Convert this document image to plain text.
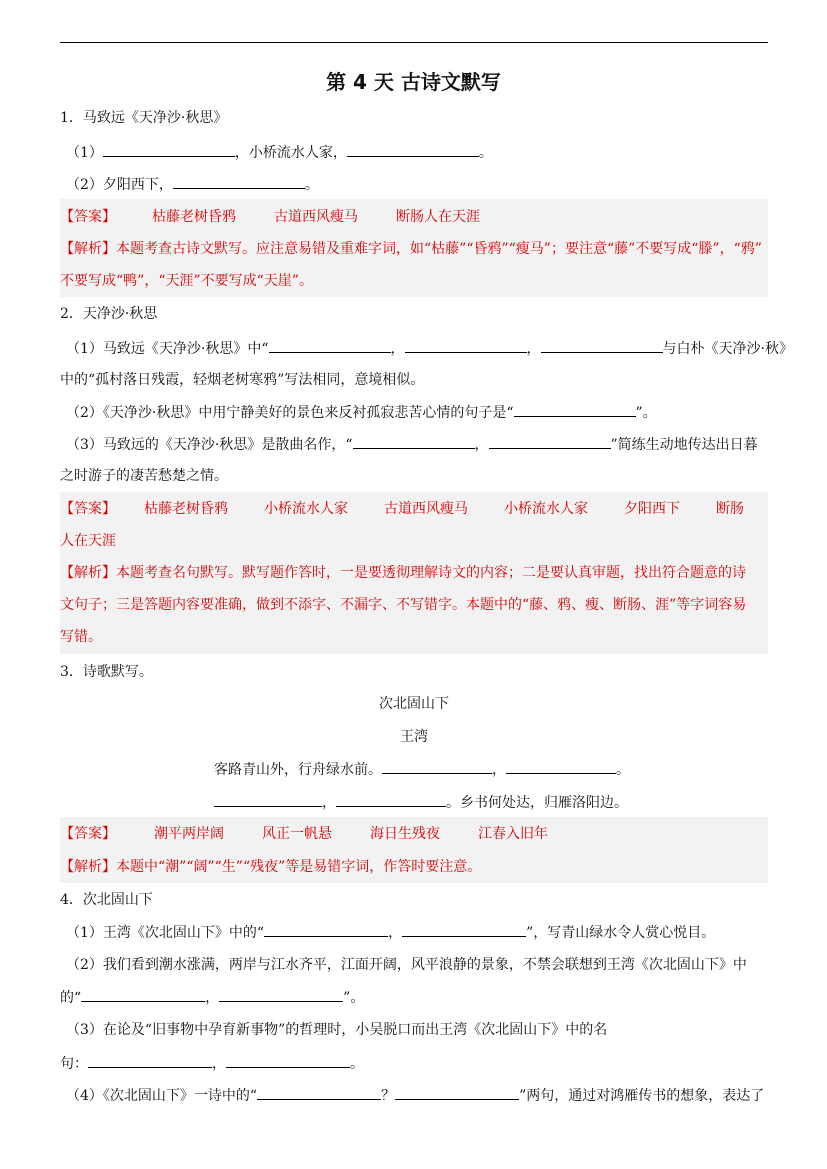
第 4 天 古诗文默写
1．马致远《天净沙·秋思》
（1）	，小桥流水人家，	。
（2）夕阳西下，	。
【答案】	枯藤老树昏鸦	古道西风瘦马	断肠人在天涯
【解析】本题考查古诗文默写。应注意易错及重难字词，如“枯藤”“昏鸦”“瘦马”；要注意“藤”不要写成“滕”，“鸦”
不要写成“鸭”，“天涯”不要写成“天崖”。
2．天净沙·秋思
（1）马致远《天净沙·秋思》中“	，	，	与白朴《天净沙·秋》
中的“孤村落日残霞，轻烟老树寒鸦”写法相同，意境相似。
（2）《天净沙·秋思》中用宁静美好的景色来反衬孤寂悲苦心情的句子是“	”。
（3）马致远的《天净沙·秋思》是散曲名作，“	，	”简练生动地传达出日暮
之时游子的凄苦愁楚之情。
【答案】 枯藤老树昏鸦	小桥流水人家	古道西风瘦马	小桥流水人家	夕阳西下	断肠
人在天涯
【解析】本题考查名句默写。默写题作答时，一是要透彻理解诗文的内容；二是要认真审题，找出符合题意的诗
文句子；三是答题内容要准确，做到不添字、不漏字、不写错字。本题中的“藤、鸦、瘦、断肠、涯”等字词容易
写错。
3．诗歌默写。
次北固山下
王湾
客路青山外，行舟绿水前。	，	。
，	。乡书何处达，归雁洛阳边。
【答案】	潮平两岸阔	风正一帆悬	海日生残夜	江春入旧年
【解析】本题中“潮”“阔”“生”“残夜”等是易错字词，作答时要注意。
4．次北固山下
（1）王湾《次北固山下》中的“	，	”，写青山绿水令人赏心悦目。
（2）我们看到潮水涨满，两岸与江水齐平，江面开阔，风平浪静的景象，不禁会联想到王湾《次北固山下》中
的“	，	”。
（3）在论及“旧事物中孕育新事物”的哲理时，小吴脱口而出王湾《次北固山下》中的名
句：	，	。
（4）《次北固山下》一诗中的“	？	”两句，通过对鸿雁传书的想象，表达了
